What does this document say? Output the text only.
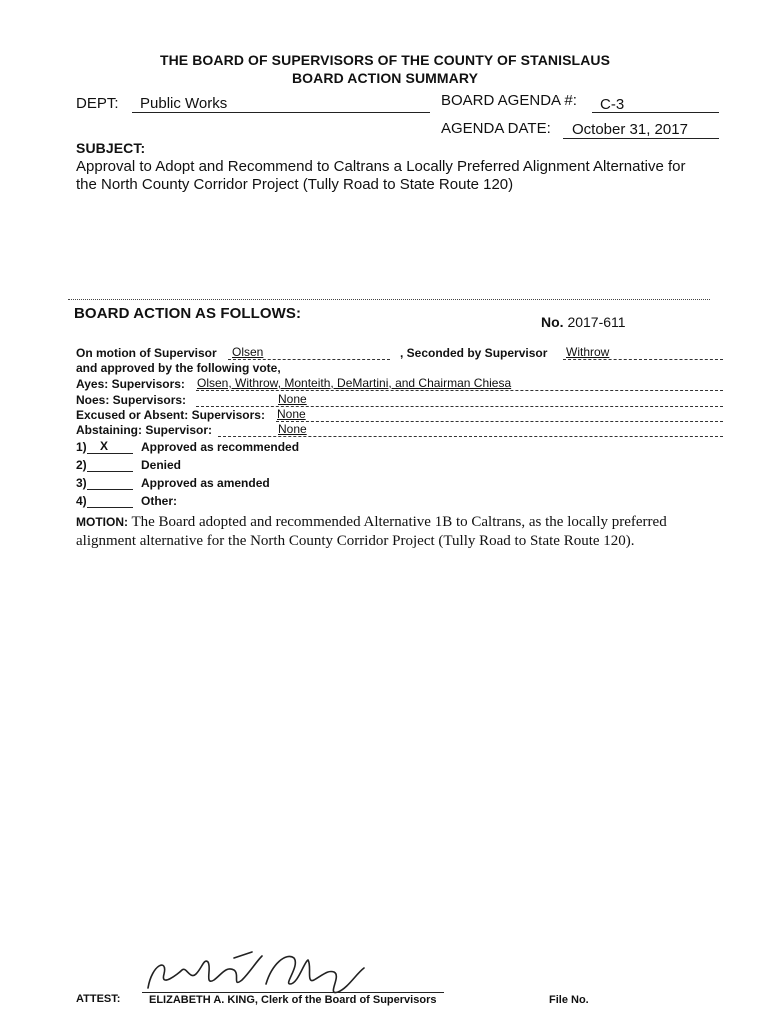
THE BOARD OF SUPERVISORS OF THE COUNTY OF STANISLAUS
BOARD ACTION SUMMARY
DEPT: Public Works	BOARD AGENDA #: C-3
AGENDA DATE: October 31, 2017
SUBJECT:
Approval to Adopt and Recommend to Caltrans a Locally Preferred Alignment Alternative for
the North County Corridor Project (Tully Road to State Route 120)
BOARD ACTION AS FOLLOWS:	No. 2017-611
On motion of Supervisor Olsen	, Seconded by Supervisor Withrow
and approved by the following vote,
Ayes: Supervisors: Olsen, Withrow, Monteith, DeMartini, and Chairman Chiesa
Noes: Supervisors:	None
Excused or Absent: Supervisors: None
Abstaining: Supervisor:	None
1) X	Approved as recommended
2)	Denied
3)	Approved as amended
4)	Other:
MOTION: The Board adopted and recommended Alternative 1B to Caltrans, as the locally preferred
alignment alternative for the North County Corridor Project (Tully Road to State Route 120).
ATTEST:	ELIZABETH A. KING, Clerk of the Board of Supervisors	File No.
